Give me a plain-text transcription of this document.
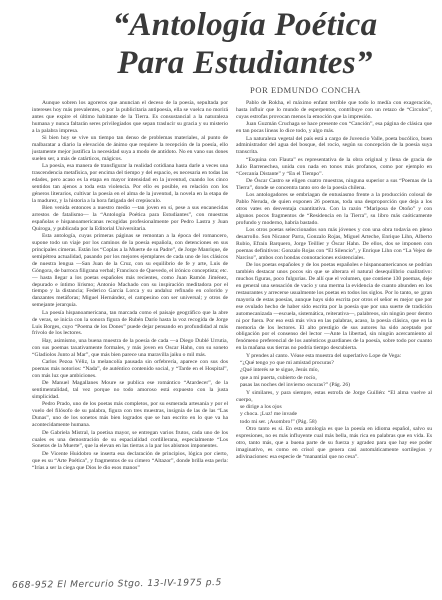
“Antología Poética Para Estudiantes”
POR EDMUNDO CONCHA

Aunque sobren los agoreros que anuncian el deceso de la poesía, sepultada por intereses hoy más prevalentes, o por la publicitaria antipoesía, ella se vuelca no morirá antes que expire el último habitante de la Tierra. Es consustancial a la naturaleza humana y nunca faltarán seres privilegiados que sepan traslucir su gracia y su misterio a la palabra impresa.

Si bien hoy se vive un tiempo tan denso de problemas materiales, al punto de malbaratar a diario la elevación de ánimo que requiere la recepción de la poesía, ello justamente mejor justifica la necesidad suya a modo de antídoto. No en vano sus dones suelen ser, a más de catárticos, mágicos.

La poesía, esa manera de transfigurar la realidad cotidiana hasta darle a veces una trascendencia metafísica, por encima del tiempo y del espacio, es necesaria en todas las edades, pero acaso es la etapa en mayor intensidad en la juventud, cuando los cinco sentidos tan ajenos a toda esta violencia. Por ello es posible, en relación con los géneros literarios, cultivar la poesía en el alma de la juventud, la novela en la etapa de la madurez, y la historia a la hora fatigada del crepúsculo.

Bien venida entonces a nuestro medio —tan joven en sí, pese a sus encanecidas arrestos de fatalismo— la “Antología Poética para Estudiantes”, con muestras españolas e hispanoamericanas recogidas profesionalmente por Pedro Lastra y Juan Quiroga, y publicada por la Editorial Universitaria.

Esta antología, cuyas primeras páginas se remontan a la época del romancero, supone todo un viaje por los caminos de la poesía española, con detenciones en sus principales cimeras. Están los “Coplas a la Muerte de su Padre”, de Jorge Manrique, de semipétrea actualidad, pasando por los mejores ejemplares de cada uno de los clásicos de nuestra lengua —San Juan de la Cruz, con su equilibrio de fe y arte, Luis de Góngora, de barroca filigrana verbal; Francisco de Quevedo, el irónico conceptista; etc.— hasta llegar a los poetas españoles más recientes, como Juan Ramón Jiménez, depurado e íntimo lírismo; Antonio Machado con su inspiración meditadora por el tiempo y la distancia; Federico García Lorca y su andaluz refinado en colorido y danzantes metáforas; Miguel Hernández, el campesino con ser universal; y otros de semejante jerarquía.

La poesía hispanoamericana, tan marcada como el paisaje geográfico que la abre de veras, se inicia con la sonora figura de Rubén Darío hasta la voz recogida de Jorge Luis Borges, cuyo “Poema de los Dones” puede dejar pensando en profundidad al más frívolo de los lectores.

Hay, asimismo, una buena muestra de la poesía de cada —a Diego Dublé Urrutia, con sus poemas taxativamente formales, y más joven en Oscar Hahn, con su soneto “Gladiolos Junto al Mar”, que más bien parece una maravilla jaiku o mil más.

Carlos Pezoa Véliz, la melancolía pausada sin orfebrería, aparece con sus dos poemas más notorios: “Nada”, de auténtico contenido social, y “Tarde en el Hospital”, con más luz que ambiciones.

De Manuel Magallanes Moure se publica ese romántico “Atardecer”, de la sentimentalidad, tal vez porque no todo amoroso está expuesto con la justa simplicidad.

Pedro Prado, uno de los poetas más completos, por su esmerada artesanía y por el vuelo del filósofo de su palabra, figura con tres muestras, insignia de las de las “Las Dunas”, uno de los sonetos más bien logrados que se han escrito en lo que va ha acontecidamente humana.

De Gabriela Mistral, la poetisa mayor, se entregan varios frutos, cada uno de los cuales es una demostración de su espacialidad cordillerana, especialmente “Los Sonetos de la Muerte”, que la elevan en las tierras a la par los abismos imponentes.

De Vicente Huidobro se inserta esa declaración de principios, lógica por cierto, que es su “Arte Poética”, y fragmentos de su cimero “Altazor”, donde brilla esta perla: “Irías a ser la ciega que Dios le dio esos manos”

Pablo de Rokha, el máximo enfant terrible que todo lo medía con exageración, hasta influir que lo mundo de esperpentos, contribuye con un retazo de “Circulos”, cuyas estrofas provocan menos la emoción que la impresión.

Juan Guzmán Cruchaga se hace presente con “Canción”, esa página de clásica que en tan pocas líneas lo dice todo, y algo más.

La naturaleza vegetal del país está a cargo de Juvencio Valle, poeta bucólico, buen administrador del agua del bosque, del rocío, según su concepción de la poesía suya transcrita.

“Esquina con Flauta” es representativa de la obra original y llena de gracia de Julio Barrenechea, unida con nada en tonos más profanos, como por ejemplo en “Cercanía Distante” y “En el Tiempo”.

De Óscar Castro se eligen cuatro muestras, ninguna superior a sus “Poemas de la Tierra”, donde se concentra tanto oro de la poesía chilena.

Los antologadores se embriagan de entusiasmo frente a la producción colosal de Pablo Neruda, de quien exponen 26 poemas, toda una desproporción que deja a los otros vates en desventaja cuantitativa. Con la razón “Mariposa de Otoño” y con algunos pocos fragmentos de “Residencia en la Tierra”, su libro más caóticamente profundo y moderno, habría bastado.

Los otros poetas seleccionados son más jóvenes y con una obra todavía en pleno desarrollo. Son Nicanor Parra, Gonzalo Rojas, Miguel Arteche, Enrique Lihn, Alberto Rubio, Efraín Barquero, Jorge Teillier y Óscar Hahn. De ellos, dos se imponen con poemas definitivos: Gonzalo Rojas con “El Silencio”, y Enrique Lihn con “La Vejez de Narciso”, ambos con hondas connotaciones existenciales.

De los poetas españoles y de los poetas españoles e hispanoamericanos se podrían también destacar unos pocos sin que se alterara el natural desequilibrio cualitativo: muchos figuras, poco fulgurias. De allí que el volumen, que contiene 130 poemas, deje en general una sensación de vacío y una merma la evidencia de cuanto abunden en los restaurantes y arrecerse usualmente los poetas en todos los siglos. Por lo tanto, se ¡gran mayoría de estas poesías, aunque hays sido escrita por otros el señor es mejor que por ese ovulado hecho de haber sido escrita por la poesía que por una suerte de tradición automecanizada —escuela, sistemática, reiterativa—, palabreos, sin ningún peor dentro ni por fuera. Por eso está más viva en las palabras, acaso, la poesía clásica, que en la memoria de los lectores. El alto prestigio de sus autores ha sido aceptado por obligación por el consenso del lector —Ante la libertad, sin ningún acercamiento al fenómeno preferencial de los auténticos guardianes de la poesía, sobre todo por cuanto en la mañana sus tierras no podría tiempo descubierta.

Y prendes al canto. Véase esta muestra del superlativo Lope de Vega:

“¿Qué tengo yo que mi amistad procuras?

¿Qué interés se te sigue, Jesús mío,

que a mi puerta, cubierto de rocío,

pasas las noches del invierno oscuras?” (Pág. 26)

Y similares, y para siempre, estas estrofa de Jorge Guillén: “El alma vuelve al cuerpo,

se dirige a los ojos

y choca. ¡Luz! me invade

todo mi ser. ¡Asombro!” (Pág. 58)

Otro tanto es sí. En esta antología es que la poesía en idioma español, salvo su expresiones, no es más influyente cual más bella, más rica en palabras que en vida. Es otro, tanto más, que a buena parte de su fuerza y agradez para que hay ese poder imaginativo, es como en crisol que genera casi automáticamente sortilegios y adivinaciones: esa especie de “manantial que no cesa”.

668-952 El Mercurio Stgo. 13-IV-1975 p.5
